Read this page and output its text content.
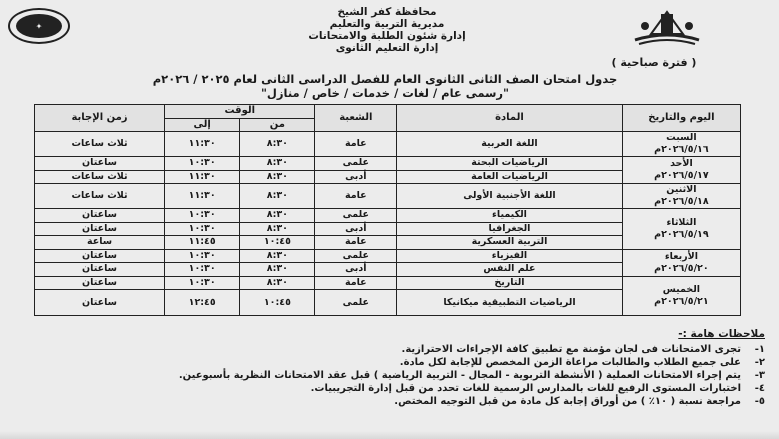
✦
محافظة كفر الشيخ
مديرية التربية والتعليم
إدارة شئون الطلبة والامتحانات
إدارة التعليم الثانوى
( فترة صباحية )
جدول امتحان الصف الثانى الثانوى العام للفصل الدراسى الثانى لعام ٢٠٢٥ / ٢٠٢٦م
"رسمى عام / لغات / خدمات / خاص / منازل"
اليوم والتاريخ	المادة	الشعبة	الوقت		زمن الإجابة
			من	إلى	

السبت
٢٠٢٦/٥/١٦م	اللغة العربية	عامة	٨:٣٠	١١:٣٠	ثلاث ساعات

الأحد
٢٠٢٦/٥/١٧م	الرياضيات البحتة	علمى	٨:٣٠	١٠:٣٠	ساعتان
	الرياضيات العامة	أدبى	٨:٣٠	١١:٣٠	ثلاث ساعات

الاثنين
٢٠٢٦/٥/١٨م	اللغة الأجنبية الأولى	عامة	٨:٣٠	١١:٣٠	ثلاث ساعات

الثلاثاء
٢٠٢٦/٥/١٩م	الكيمياء	علمى	٨:٣٠	١٠:٣٠	ساعتان
	الجغرافيا	أدبى	٨:٣٠	١٠:٣٠	ساعتان
	التربية العسكرية	عامة	١٠:٤٥	١١:٤٥	ساعة

الأربعاء
٢٠٢٦/٥/٢٠م	الفيزياء	علمى	٨:٣٠	١٠:٣٠	ساعتان
	علم النفس	أدبى	٨:٣٠	١٠:٣٠	ساعتان

الخميس
٢٠٢٦/٥/٢١م	التاريخ	عامة	٨:٣٠	١٠:٣٠	ساعتان
	الرياضيات التطبيقية ميكانيكا	علمى	١٠:٤٥	١٢:٤٥	ساعتان
ملاحظات هامة :-
١-
تجرى الامتحانات فى لجان مؤمنة مع تطبيق كافة الإجراءات الاحترازية.
٢-
على جميع الطلاب والطالبات مراعاة الزمن المخصص للإجابة لكل مادة.
٣-
يتم إجراء الامتحانات العملية ( الأنشطة التربوية - المجال - التربية الرياضية ) قبل عقد الامتحانات النظرية بأسبوعين.
٤-
اختبارات المستوى الرفيع للغات بالمدارس الرسمية للغات تحدد من قبل إدارة التجريبيات.
٥-
مراجعة نسبة ( ١٠٪ ) من أوراق إجابة كل مادة من قبل التوجيه المختص.
